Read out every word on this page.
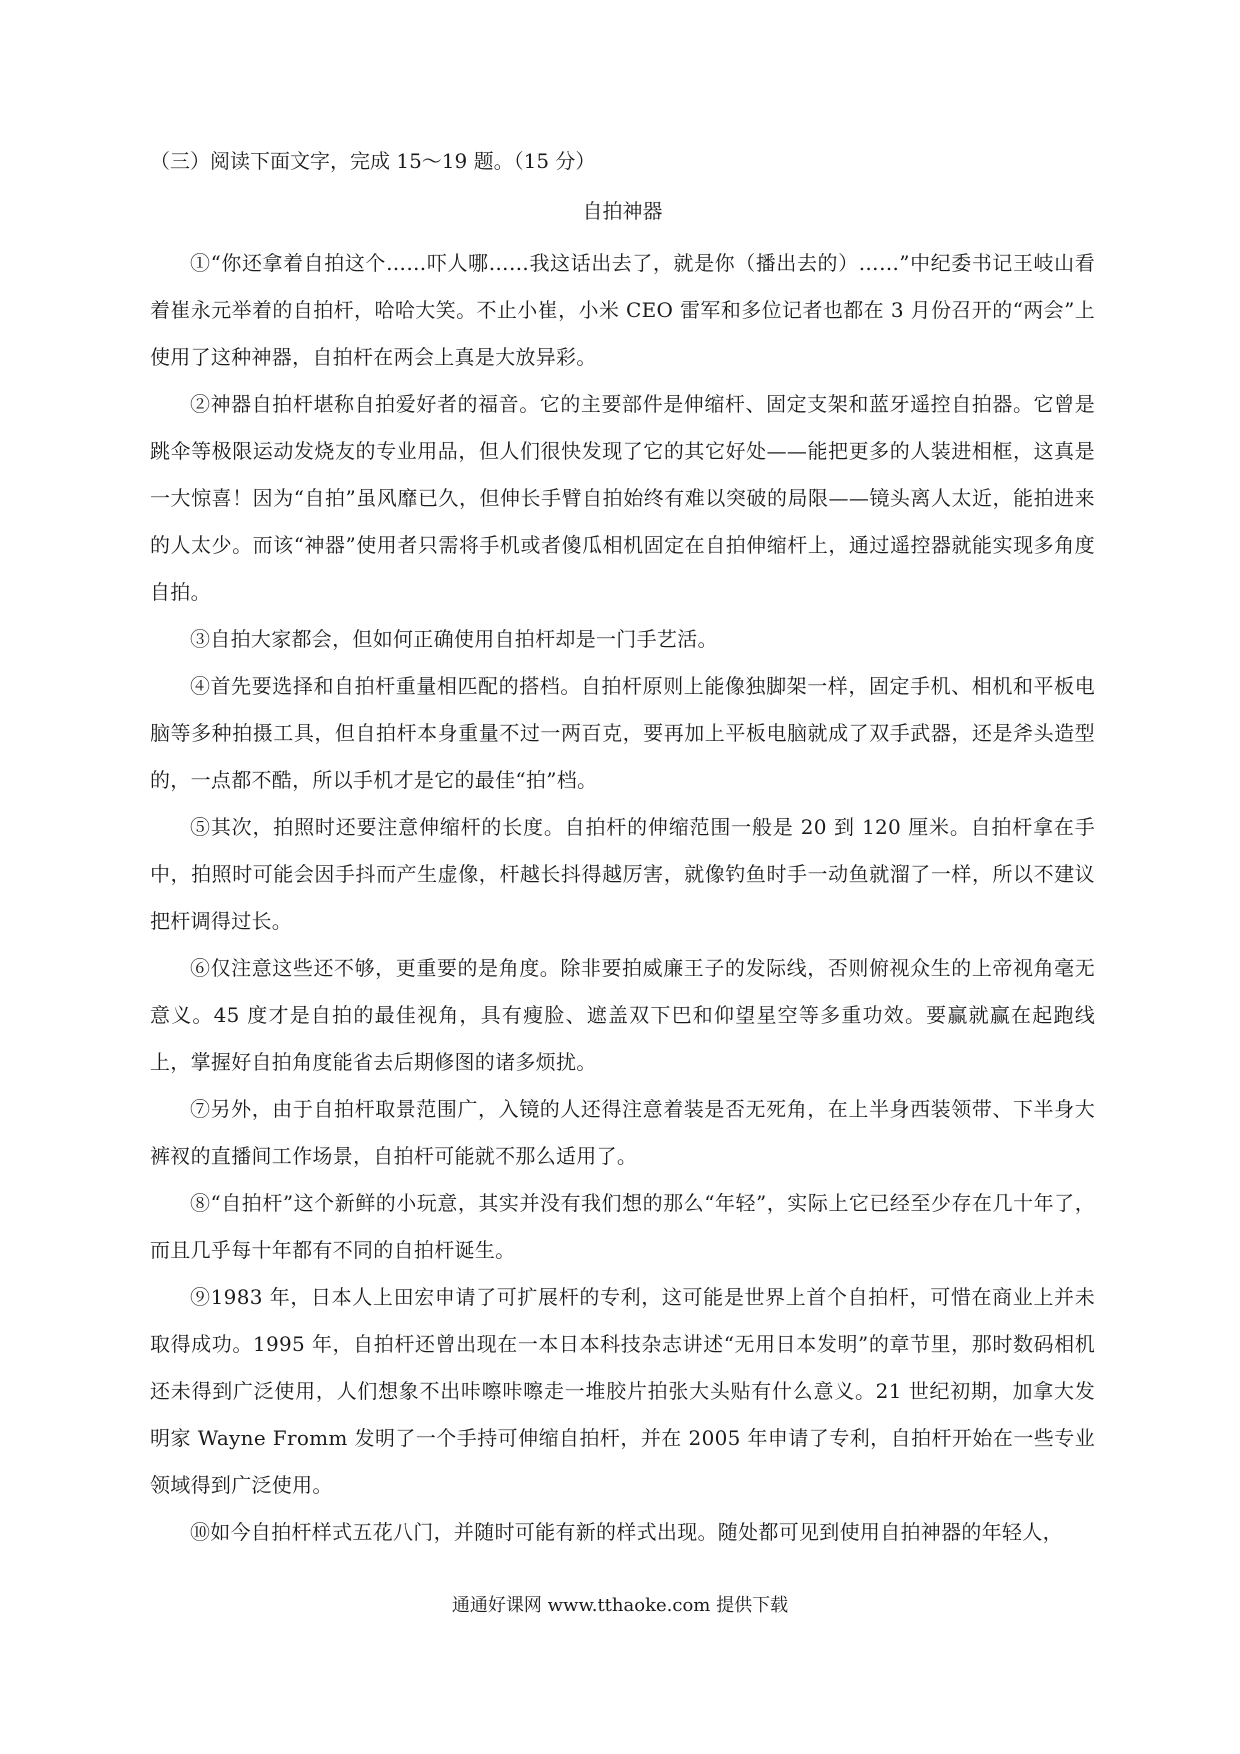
（三）阅读下面文字，完成 15～19 题。（15 分）

自拍神器

①“你还拿着自拍这个……吓人哪……我这话出去了，就是你（播出去的）……”中纪委书记王岐山看着崔永元举着的自拍杆，哈哈大笑。不止小崔，小米 CEO 雷军和多位记者也都在 3 月份召开的“两会”上使用了这种神器，自拍杆在两会上真是大放异彩。

②神器自拍杆堪称自拍爱好者的福音。它的主要部件是伸缩杆、固定支架和蓝牙遥控自拍器。它曾是跳伞等极限运动发烧友的专业用品，但人们很快发现了它的其它好处——能把更多的人装进相框，这真是一大惊喜！因为“自拍”虽风靡已久，但伸长手臂自拍始终有难以突破的局限——镜头离人太近，能拍进来的人太少。而该“神器”使用者只需将手机或者傻瓜相机固定在自拍伸缩杆上，通过遥控器就能实现多角度自拍。

③自拍大家都会，但如何正确使用自拍杆却是一门手艺活。

④首先要选择和自拍杆重量相匹配的搭档。自拍杆原则上能像独脚架一样，固定手机、相机和平板电脑等多种拍摄工具，但自拍杆本身重量不过一两百克，要再加上平板电脑就成了双手武器，还是斧头造型的，一点都不酷，所以手机才是它的最佳“拍”档。

⑤其次，拍照时还要注意伸缩杆的长度。自拍杆的伸缩范围一般是 20 到 120 厘米。自拍杆拿在手中，拍照时可能会因手抖而产生虚像，杆越长抖得越厉害，就像钓鱼时手一动鱼就溜了一样，所以不建议把杆调得过长。

⑥仅注意这些还不够，更重要的是角度。除非要拍威廉王子的发际线，否则俯视众生的上帝视角毫无意义。45 度才是自拍的最佳视角，具有瘦脸、遮盖双下巴和仰望星空等多重功效。要赢就赢在起跑线上，掌握好自拍角度能省去后期修图的诸多烦扰。

⑦另外，由于自拍杆取景范围广，入镜的人还得注意着装是否无死角，在上半身西装领带、下半身大裤衩的直播间工作场景，自拍杆可能就不那么适用了。

⑧“自拍杆”这个新鲜的小玩意，其实并没有我们想的那么“年轻”，实际上它已经至少存在几十年了，而且几乎每十年都有不同的自拍杆诞生。

⑨1983 年，日本人上田宏申请了可扩展杆的专利，这可能是世界上首个自拍杆，可惜在商业上并未取得成功。1995 年，自拍杆还曾出现在一本日本科技杂志讲述“无用日本发明”的章节里，那时数码相机还未得到广泛使用，人们想象不出咔嚓咔嚓走一堆胶片拍张大头贴有什么意义。21 世纪初期，加拿大发明家 Wayne Fromm 发明了一个手持可伸缩自拍杆，并在 2005 年申请了专利，自拍杆开始在一些专业领域得到广泛使用。

⑩如今自拍杆样式五花八门，并随时可能有新的样式出现。随处都可见到使用自拍神器的年轻人，

通通好课网 www.tthaoke.com 提供下载
